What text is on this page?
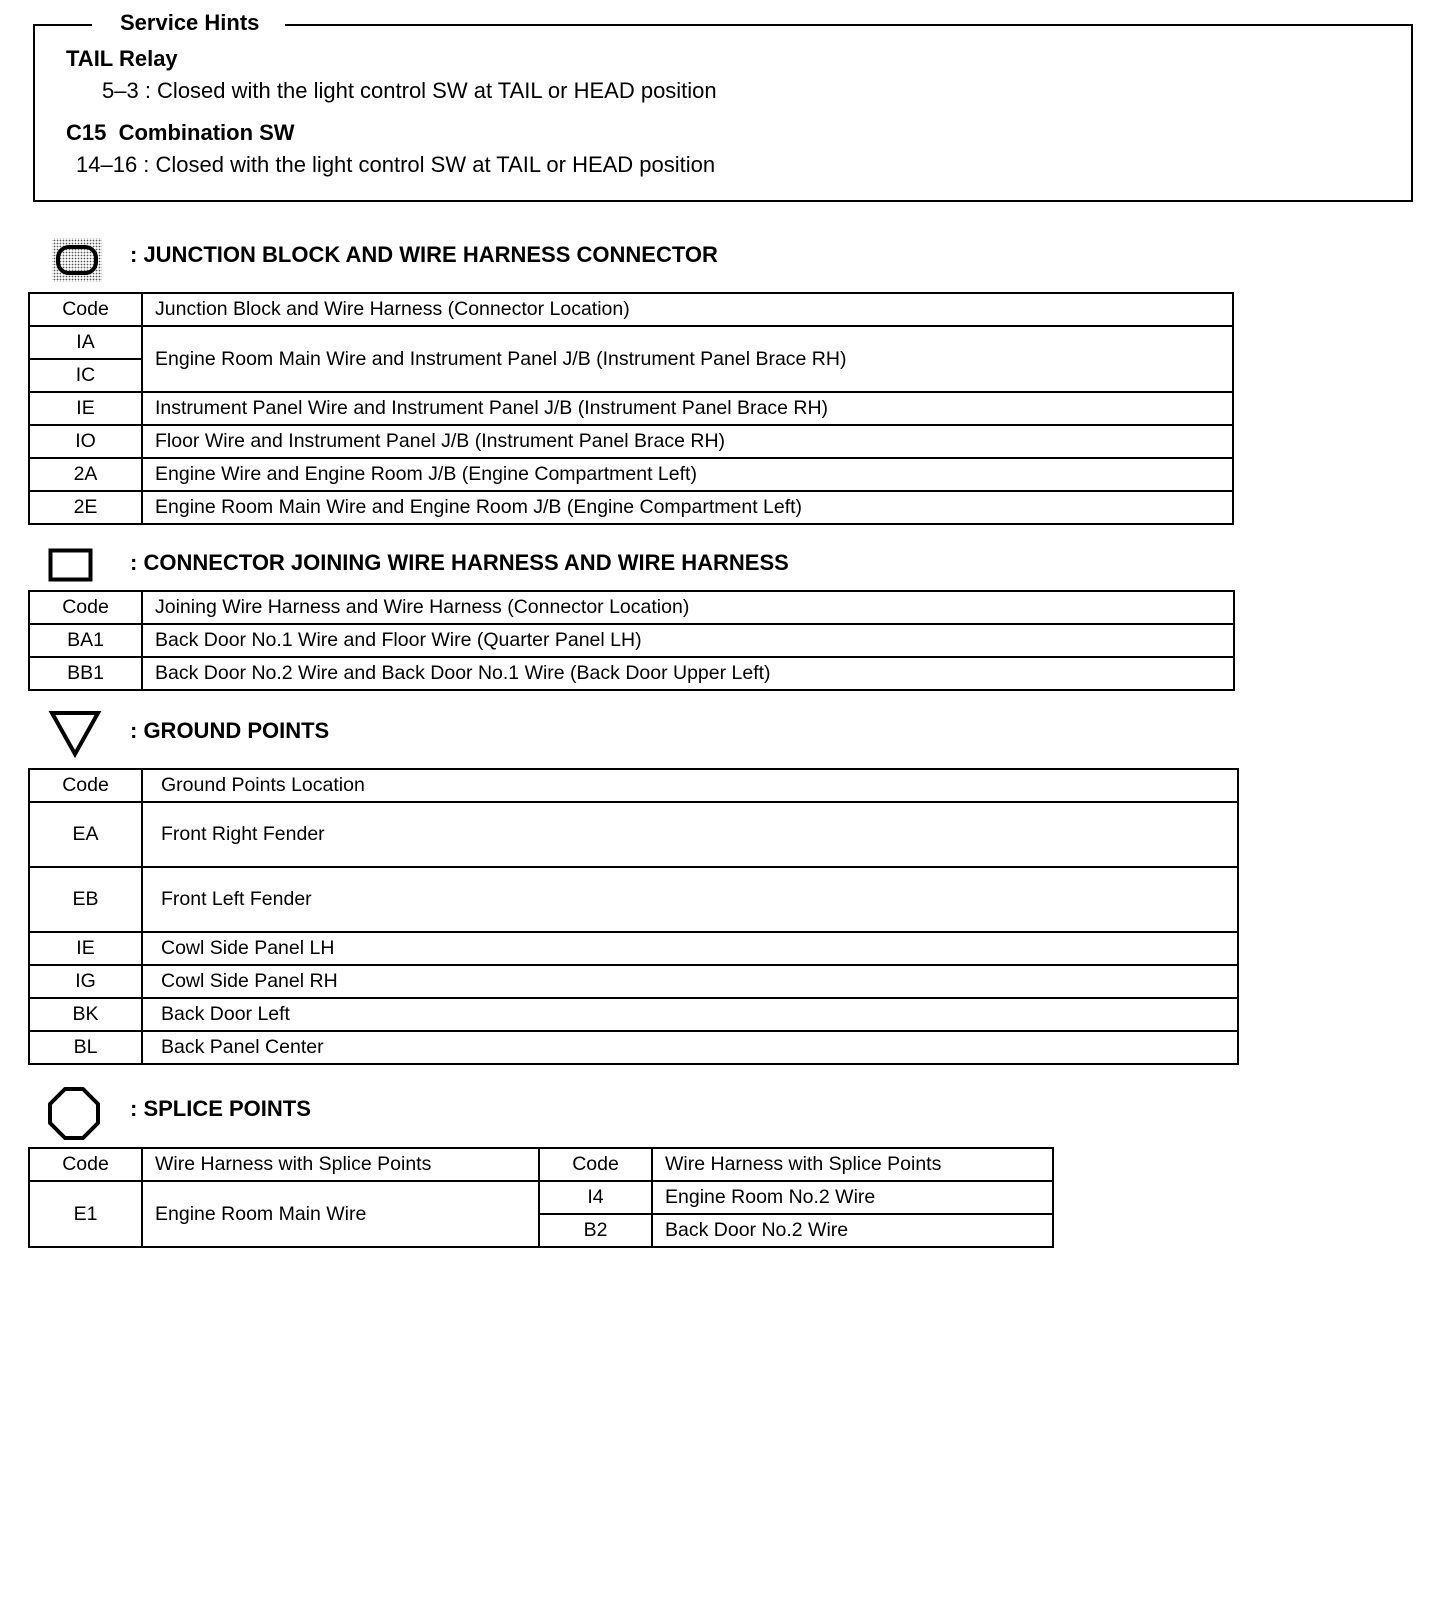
Service Hints
TAIL Relay
5–3 : Closed with the light control SW at TAIL or HEAD position
C15  Combination SW
14–16 : Closed with the light control SW at TAIL or HEAD position
: JUNCTION BLOCK AND WIRE HARNESS CONNECTOR
Code	Junction Block and Wire Harness (Connector Location)
IA	Engine Room Main Wire and Instrument Panel J/B (Instrument Panel Brace RH)
IC	
IE	Instrument Panel Wire and Instrument Panel J/B (Instrument Panel Brace RH)
IO	Floor Wire and Instrument Panel J/B (Instrument Panel Brace RH)
2A	Engine Wire and Engine Room J/B (Engine Compartment Left)
2E	Engine Room Main Wire and Engine Room J/B (Engine Compartment Left)
: CONNECTOR JOINING WIRE HARNESS AND WIRE HARNESS
Code	Joining Wire Harness and Wire Harness (Connector Location)
BA1	Back Door No.1 Wire and Floor Wire (Quarter Panel LH)
BB1	Back Door No.2 Wire and Back Door No.1 Wire (Back Door Upper Left)
: GROUND POINTS
Code	Ground Points Location
EA	Front Right Fender
EB	Front Left Fender
IE	Cowl Side Panel LH
IG	Cowl Side Panel RH
BK	Back Door Left
BL	Back Panel Center
: SPLICE POINTS
Code	Wire Harness with Splice Points	Code	Wire Harness with Splice Points
E1	Engine Room Main Wire	I4	Engine Room No.2 Wire
		B2	Back Door No.2 Wire
